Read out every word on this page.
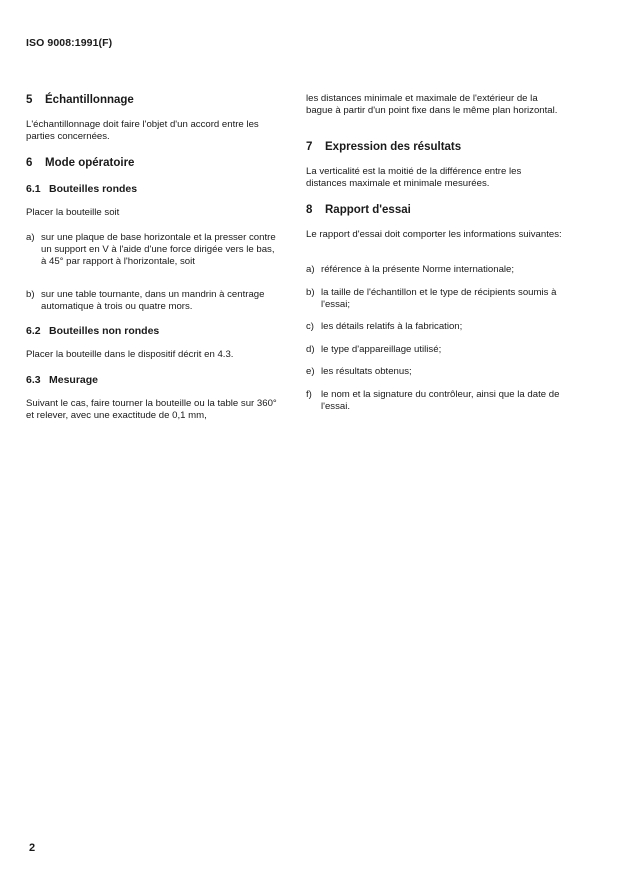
ISO 9008:1991(F)
5 Échantillonnage
L'échantillonnage doit faire l'objet d'un accord entre les parties concernées.
6 Mode opératoire
6.1 Bouteilles rondes
Placer la bouteille soit
a) sur une plaque de base horizontale et la presser contre un support en V à l'aide d'une force dirigée vers le bas, à 45° par rapport à l'horizontale, soit
b) sur une table tournante, dans un mandrin à centrage automatique à trois ou quatre mors.
6.2 Bouteilles non rondes
Placer la bouteille dans le dispositif décrit en 4.3.
6.3 Mesurage
Suivant le cas, faire tourner la bouteille ou la table sur 360° et relever, avec une exactitude de 0,1 mm,
les distances minimale et maximale de l'extérieur de la bague à partir d'un point fixe dans le même plan horizontal.
7 Expression des résultats
La verticalité est la moitié de la différence entre les distances maximale et minimale mesurées.
8 Rapport d'essai
Le rapport d'essai doit comporter les informations suivantes:
a) référence à la présente Norme internationale;
b) la taille de l'échantillon et le type de récipients soumis à l'essai;
c) les détails relatifs à la fabrication;
d) le type d'appareillage utilisé;
e) les résultats obtenus;
f) le nom et la signature du contrôleur, ainsi que la date de l'essai.
2
